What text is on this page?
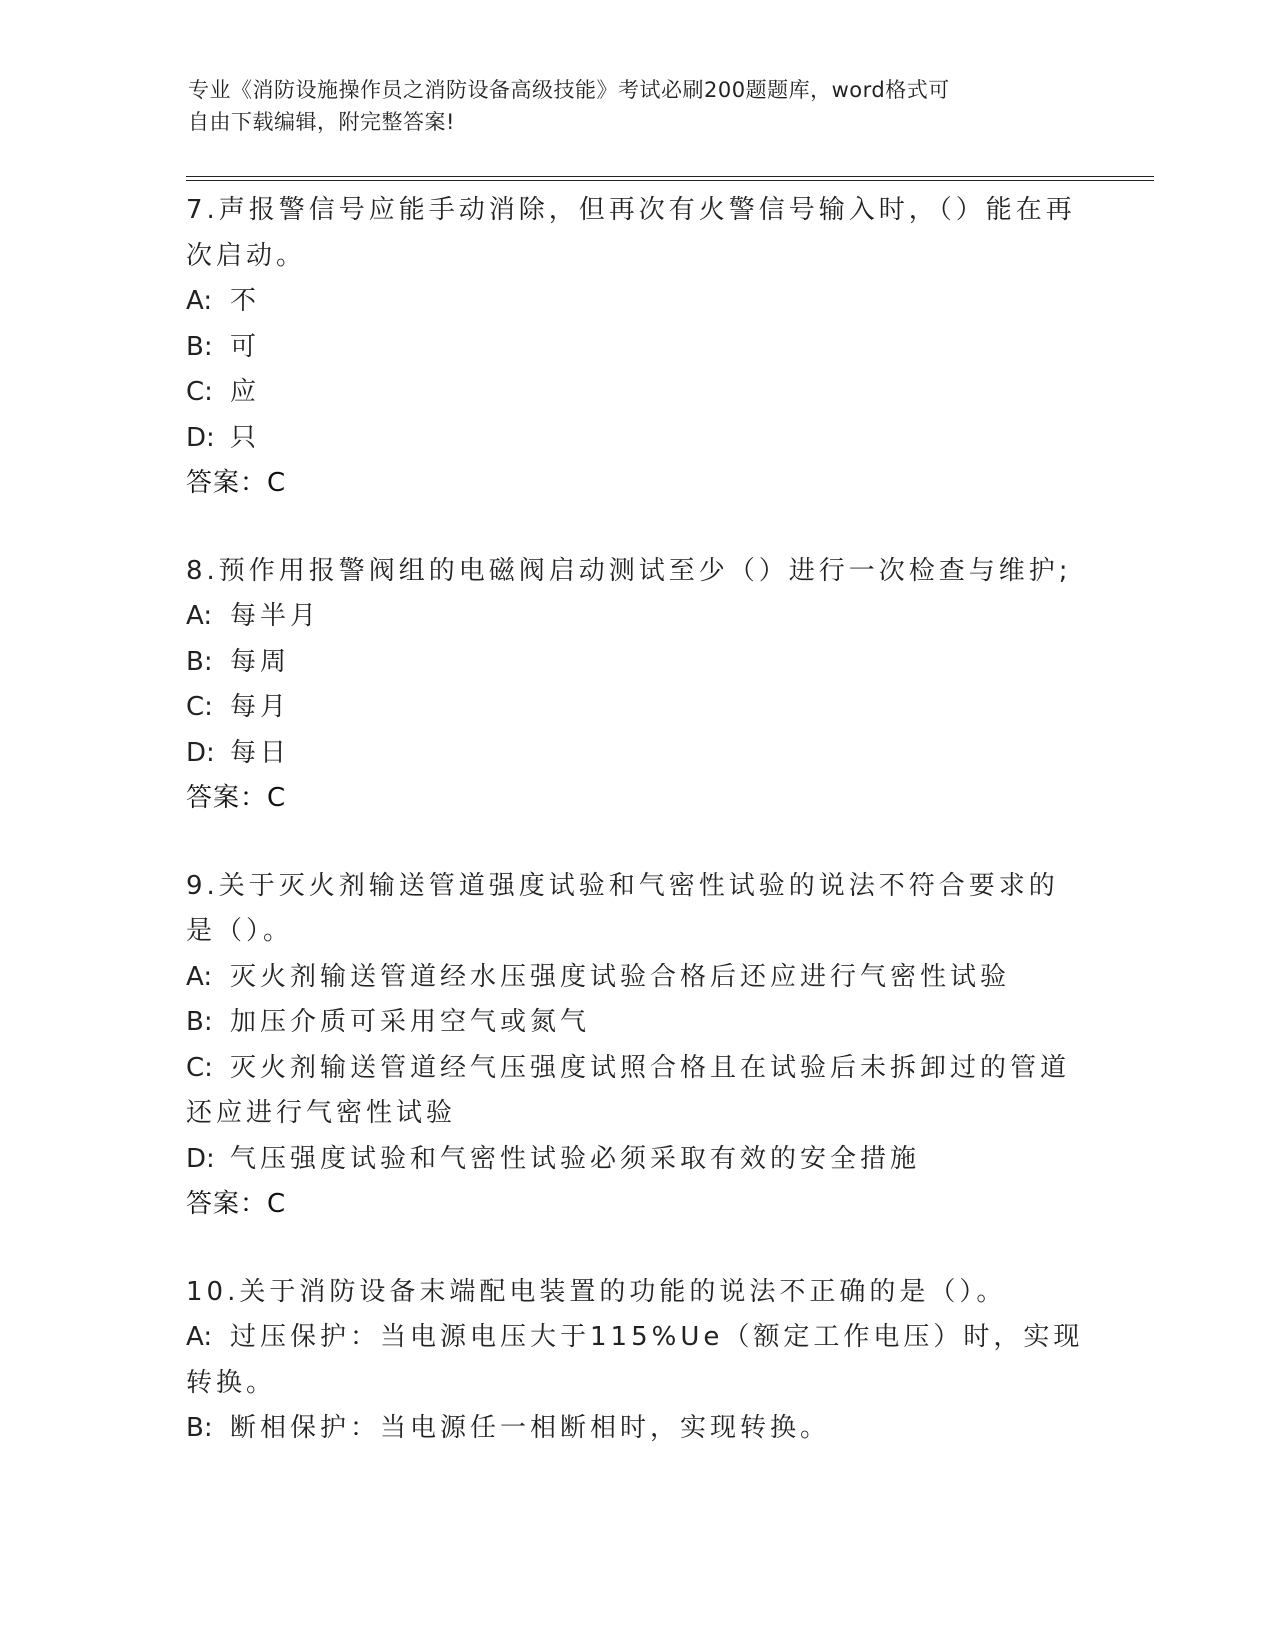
专业《消防设施操作员之消防设备高级技能》考试必刷200题题库，word格式可
自由下载编辑，附完整答案!
7.声报警信号应能手动消除，但再次有火警信号输入时，（）能在再次启动。
A: 不
B: 可
C: 应
D: 只
答案：C
8.预作用报警阀组的电磁阀启动测试至少（）进行一次检查与维护;
A: 每半月
B: 每周
C: 每月
D: 每日
答案：C
9.关于灭火剂输送管道强度试验和气密性试验的说法不符合要求的是（）。
A: 灭火剂输送管道经水压强度试验合格后还应进行气密性试验
B: 加压介质可采用空气或氮气
C: 灭火剂输送管道经气压强度试照合格且在试验后未拆卸过的管道还应进行气密性试验
D: 气压强度试验和气密性试验必须采取有效的安全措施
答案：C
10.关于消防设备末端配电装置的功能的说法不正确的是（）。
A: 过压保护：当电源电压大于115%Ue（额定工作电压）时，实现转换。
B: 断相保护：当电源任一相断相时，实现转换。
